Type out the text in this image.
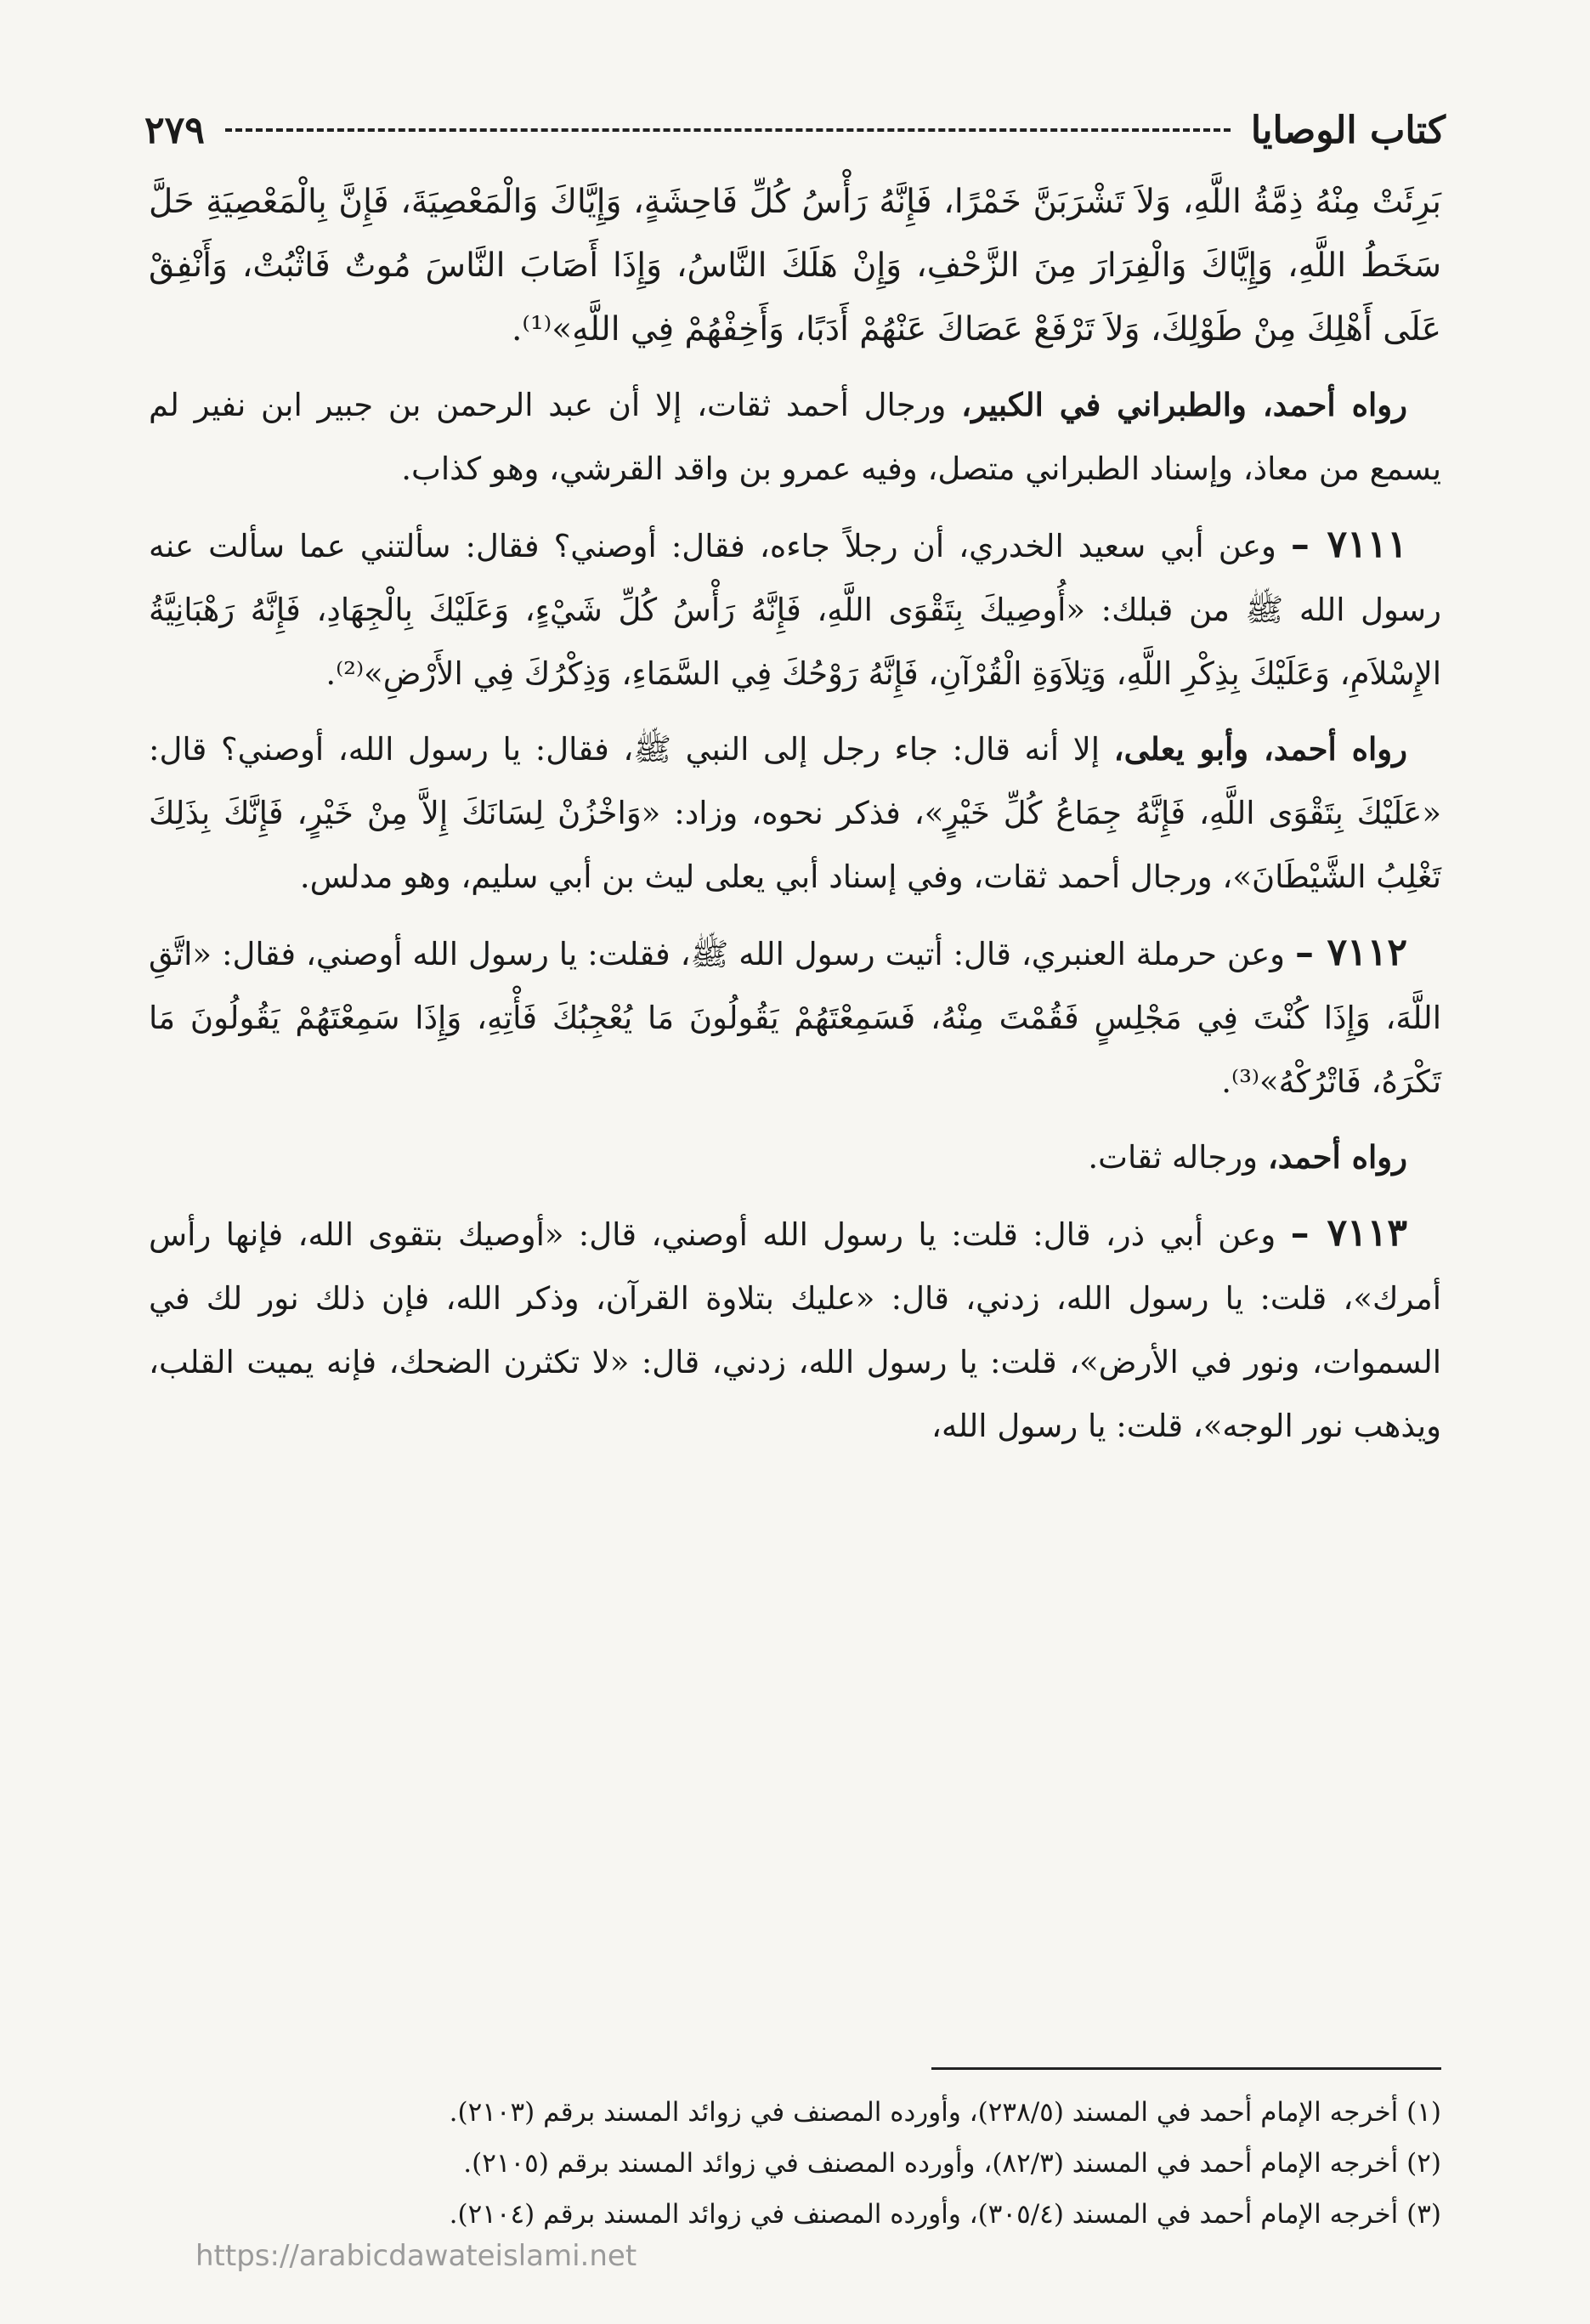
كتاب الوصايا
٢٧٩

بَرِئَتْ مِنْهُ ذِمَّةُ اللَّهِ، وَلاَ تَشْرَبَنَّ خَمْرًا، فَإِنَّهُ رَأْسُ كُلِّ فَاحِشَةٍ، وَإِيَّاكَ وَالْمَعْصِيَةَ، فَإِنَّ بِالْمَعْصِيَةِ حَلَّ سَخَطُ اللَّهِ، وَإِيَّاكَ وَالْفِرَارَ مِنَ الزَّحْفِ، وَإِنْ هَلَكَ النَّاسُ، وَإِذَا أَصَابَ النَّاسَ مُوتٌ فَاثْبُتْ، وَأَنْفِقْ عَلَى أَهْلِكَ مِنْ طَوْلِكَ، وَلاَ تَرْفَعْ عَصَاكَ عَنْهُمْ أَدَبًا، وَأَخِفْهُمْ فِي اللَّهِ»⁽¹⁾.

رواه أحمد، والطبراني في الكبير، ورجال أحمد ثقات، إلا أن عبد الرحمن بن جبير ابن نفير لم يسمع من معاذ، وإسناد الطبراني متصل، وفيه عمرو بن واقد القرشي، وهو كذاب.

٧١١١ – وعن أبي سعيد الخدري، أن رجلاً جاءه، فقال: أوصني؟ فقال: سألتني عما سألت عنه رسول الله ﷺ من قبلك: «أُوصِيكَ بِتَقْوَى اللَّهِ، فَإِنَّهُ رَأْسُ كُلِّ شَيْءٍ، وَعَلَيْكَ بِالْجِهَادِ، فَإِنَّهُ رَهْبَانِيَّةُ الإِسْلاَمِ، وَعَلَيْكَ بِذِكْرِ اللَّهِ، وَتِلاَوَةِ الْقُرْآنِ، فَإِنَّهُ رَوْحُكَ فِي السَّمَاءِ، وَذِكْرُكَ فِي الأَرْضِ»⁽²⁾.

رواه أحمد، وأبو يعلى، إلا أنه قال: جاء رجل إلى النبي ﷺ، فقال: يا رسول الله، أوصني؟ قال: «عَلَيْكَ بِتَقْوَى اللَّهِ، فَإِنَّهُ جِمَاعُ كُلِّ خَيْرٍ»، فذكر نحوه، وزاد: «وَاخْزُنْ لِسَانَكَ إِلاَّ مِنْ خَيْرٍ، فَإِنَّكَ بِذَلِكَ تَغْلِبُ الشَّيْطَانَ»، ورجال أحمد ثقات، وفي إسناد أبي يعلى ليث بن أبي سليم، وهو مدلس.

٧١١٢ – وعن حرملة العنبري، قال: أتيت رسول الله ﷺ، فقلت: يا رسول الله أوصني، فقال: «اتَّقِ اللَّهَ، وَإِذَا كُنْتَ فِي مَجْلِسٍ فَقُمْتَ مِنْهُ، فَسَمِعْتَهُمْ يَقُولُونَ مَا يُعْجِبُكَ فَأْتِهِ، وَإِذَا سَمِعْتَهُمْ يَقُولُونَ مَا تَكْرَهُ، فَاتْرُكْهُ»⁽³⁾.

رواه أحمد، ورجاله ثقات.

٧١١٣ – وعن أبي ذر، قال: قلت: يا رسول الله أوصني، قال: «أوصيك بتقوى الله، فإنها رأس أمرك»، قلت: يا رسول الله، زدني، قال: «عليك بتلاوة القرآن، وذكر الله، فإن ذلك نور لك في السموات، ونور في الأرض»، قلت: يا رسول الله، زدني، قال: «لا تكثرن الضحك، فإنه يميت القلب، ويذهب نور الوجه»، قلت: يا رسول الله،

(١) أخرجه الإمام أحمد في المسند (٢٣٨/٥)، وأورده المصنف في زوائد المسند برقم (٢١٠٣).

(٢) أخرجه الإمام أحمد في المسند (٨٢/٣)، وأورده المصنف في زوائد المسند برقم (٢١٠٥).

(٣) أخرجه الإمام أحمد في المسند (٣٠٥/٤)، وأورده المصنف في زوائد المسند برقم (٢١٠٤).

https://arabicdawateislami.net
